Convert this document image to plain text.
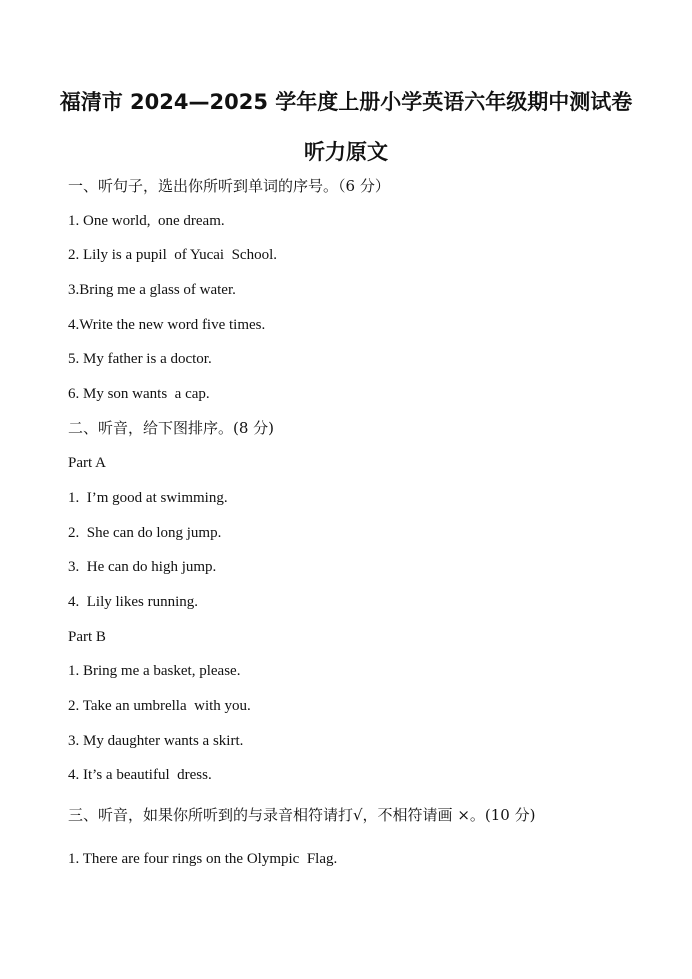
福清市 2024—2025 学年度上册小学英语六年级期中测试卷
听力原文
一、听句子，选出你所听到单词的序号。（6 分）
1. One world,  one dream.
2. Lily is a pupil  of Yucai  School.
3.Bring me a glass of water.
4.Write the new word five times.
5. My father is a doctor.
6. My son wants  a cap.
二、听音，给下图排序。(8 分)
Part A
1.  I’m good at swimming.
2.  She can do long jump.
3.  He can do high jump.
4.  Lily likes running.
Part B
1. Bring me a basket, please.
2. Take an umbrella  with you.
3. My daughter wants a skirt.
4. It’s a beautiful  dress.
三、听音，如果你所听到的与录音相符请打√，不相符请画 ×。(10 分)
1. There are four rings on the Olympic  Flag.
